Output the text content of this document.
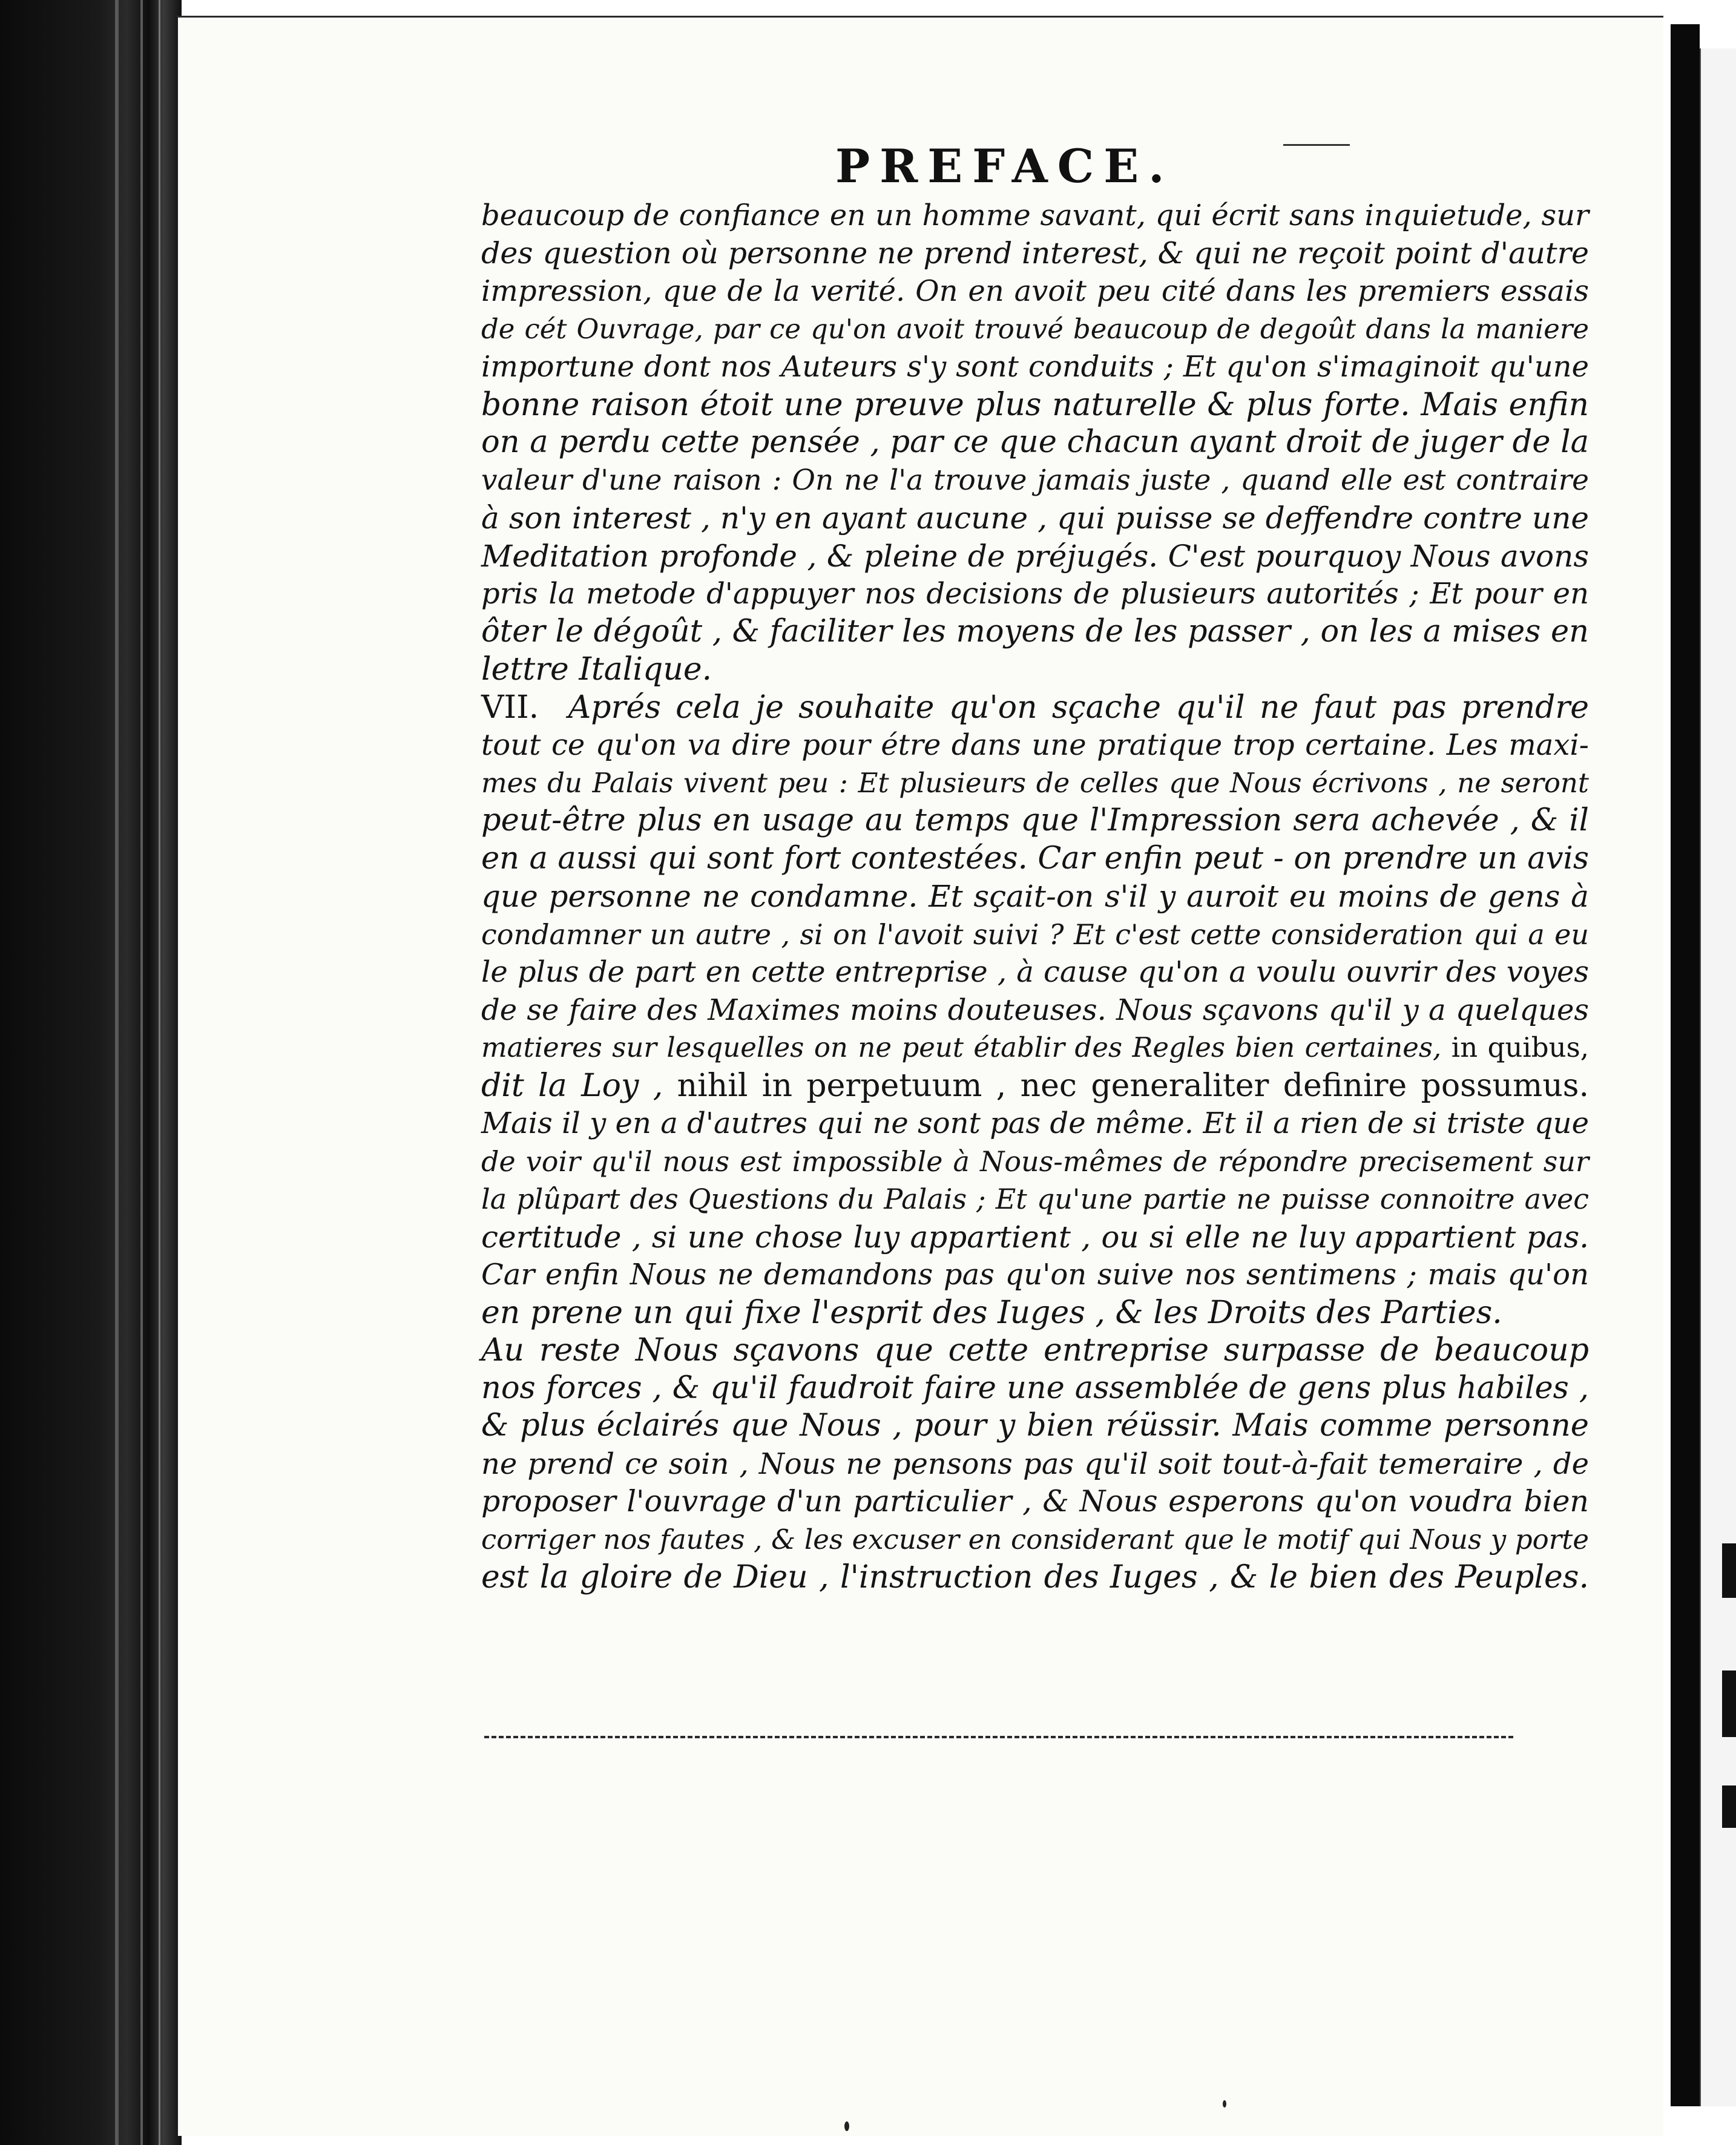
PREFACE.
beaucoup de confiance en un homme savant, qui écrit sans inquietude, sur
des question où personne ne prend interest, & qui ne reçoit point d'autre
impression, que de la verité. On en avoit peu cité dans les premiers essais
de cét Ouvrage, par ce qu'on avoit trouvé beaucoup de degoût dans la maniere
importune dont nos Auteurs s'y sont conduits ; Et qu'on s'imaginoit qu'une
bonne raison étoit une preuve plus naturelle & plus forte. Mais enfin
on a perdu cette pensée , par ce que chacun ayant droit de juger de la
valeur d'une raison : On ne l'a trouve jamais juste , quand elle est contraire
à son interest , n'y en ayant aucune , qui puisse se deffendre contre une
Meditation profonde , & pleine de préjugés. C'est pourquoy Nous avons
pris la metode d'appuyer nos decisions de plusieurs autorités ; Et pour en
ôter le dégoût , & faciliter les moyens de les passer , on les a mises en
lettre Italique.
VII. Aprés cela je souhaite qu'on sçache qu'il ne faut pas prendre
tout ce qu'on va dire pour étre dans une pratique trop certaine. Les maxi-
mes du Palais vivent peu : Et plusieurs de celles que Nous écrivons , ne seront
peut-être plus en usage au temps que l'Impression sera achevée , & il
en a aussi qui sont fort contestées. Car enfin peut - on prendre un avis
que personne ne condamne. Et sçait-on s'il y auroit eu moins de gens à
condamner un autre , si on l'avoit suivi ? Et c'est cette consideration qui a eu
le plus de part en cette entreprise , à cause qu'on a voulu ouvrir des voyes
de se faire des Maximes moins douteuses. Nous sçavons qu'il y a quelques
matieres sur lesquelles on ne peut établir des Regles bien certaines, in quibus,
dit la Loy , nihil in perpetuum , nec generaliter definire possumus.
Mais il y en a d'autres qui ne sont pas de même. Et il a rien de si triste que
de voir qu'il nous est impossible à Nous-mêmes de répondre precisement sur
la plûpart des Questions du Palais ; Et qu'une partie ne puisse connoitre avec
certitude , si une chose luy appartient , ou si elle ne luy appartient pas.
Car enfin Nous ne demandons pas qu'on suive nos sentimens ; mais qu'on
en prene un qui fixe l'esprit des Iuges , & les Droits des Parties.
Au reste Nous sçavons que cette entreprise surpasse de beaucoup
nos forces , & qu'il faudroit faire une assemblée de gens plus habiles ,
& plus éclairés que Nous , pour y bien réüssir. Mais comme personne
ne prend ce soin , Nous ne pensons pas qu'il soit tout-à-fait temeraire , de
proposer l'ouvrage d'un particulier , & Nous esperons qu'on voudra bien
corriger nos fautes , & les excuser en considerant que le motif qui Nous y porte
est la gloire de Dieu , l'instruction des Iuges , & le bien des Peuples.
